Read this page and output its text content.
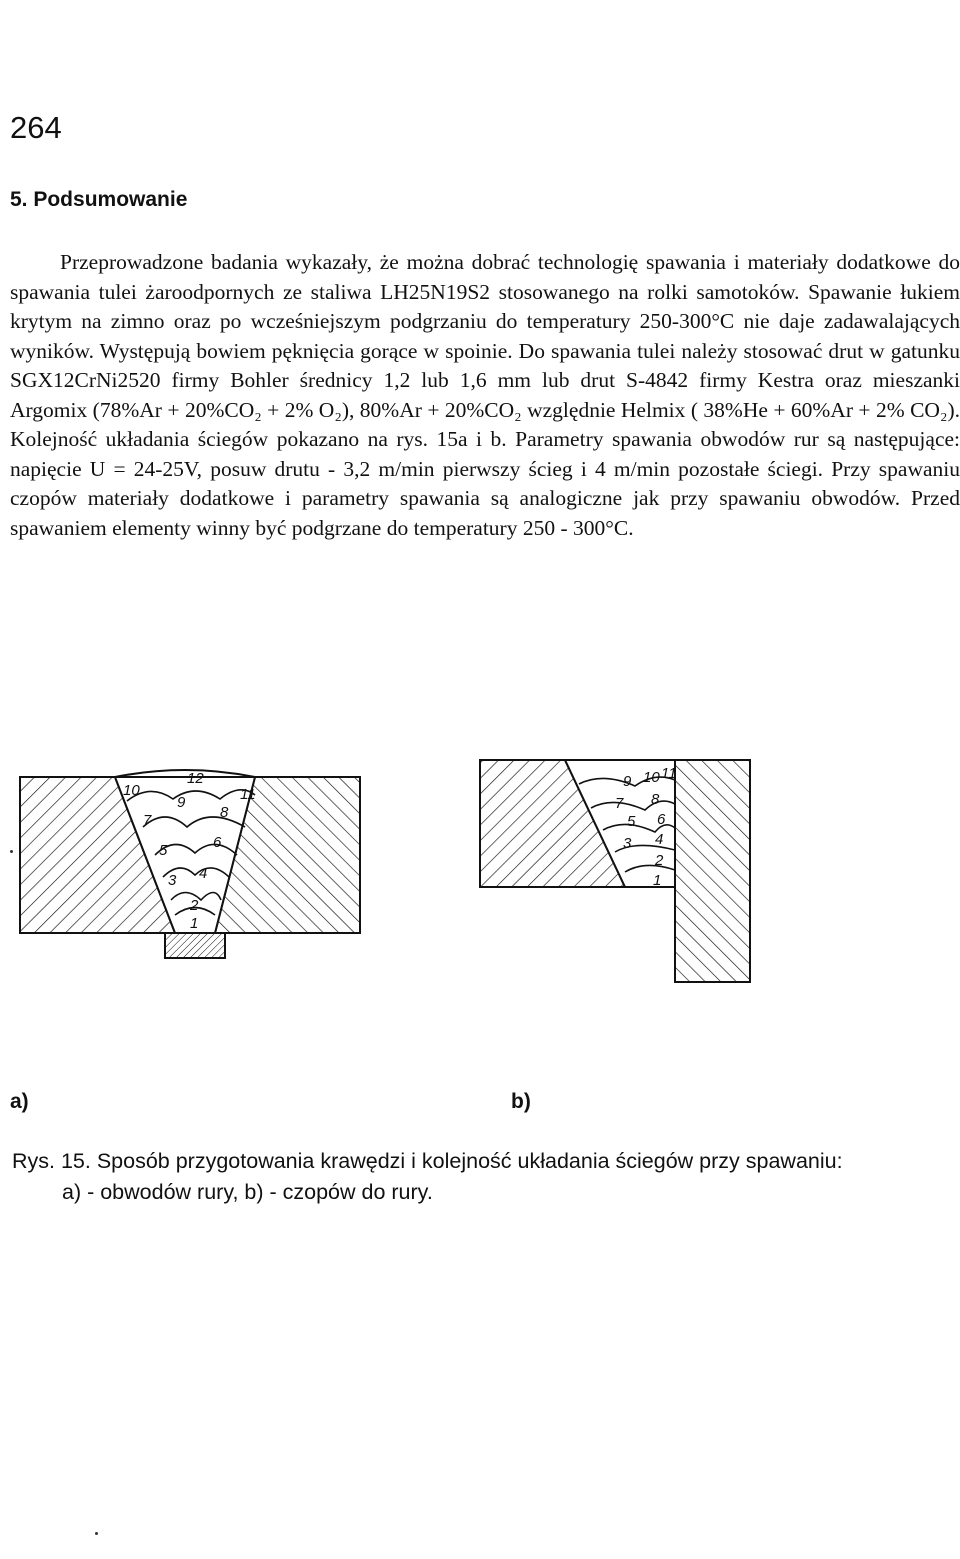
264
5. Podsumowanie

Przeprowadzone badania wykazały, że można dobrać technologię spawania i materiały dodatkowe do spawania tulei żaroodpornych ze staliwa LH25N19S2 stosowanego na rolki samotoków. Spawanie łukiem krytym na zimno oraz po wcześniejszym podgrzaniu do temperatury 250-300°C nie daje zadawalających wyników. Występują bowiem pęknięcia gorące w spoinie. Do spawania tulei należy stosować drut w gatunku SGX12CrNi2520 firmy Bohler średnicy 1,2 lub 1,6 mm lub drut S-4842 firmy Kestra oraz mieszanki Argomix (78%Ar + 20%CO₂ + 2% O₂), 80%Ar + 20%CO₂ względnie Helmix ( 38%He + 60%Ar + 2% CO₂). Kolejność układania ściegów pokazano na rys. 15a i b. Parametry spawania obwodów rur są następujące: napięcie U = 24-25V, posuw drutu - 3,2 m/min pierwszy ścieg i 4 m/min pozostałe ściegi. Przy spawaniu czopów materiały dodatkowe i parametry spawania są analogiczne jak przy spawaniu obwodów. Przed spawaniem elementy winny być podgrzane do temperatury 250 - 300°C.

1
2
3 4
5	6
7	8
9
10	11
12
1
2
3 4
5 6
7 8
9 10 11
a)	b)
Rys. 15. Sposób przygotowania krawędzi i kolejność układania ściegów przy spawaniu:
a) - obwodów rury, b) - czopów do rury.
